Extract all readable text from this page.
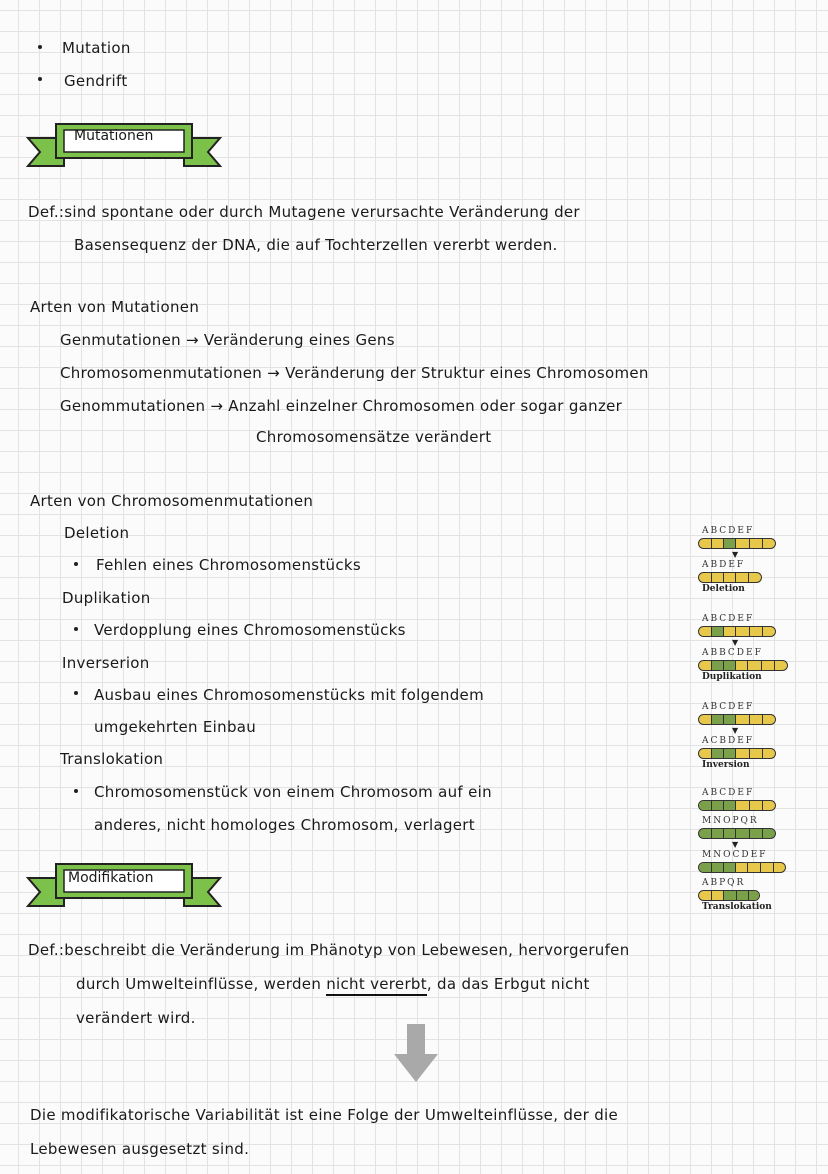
Mutation
Gendrift
Mutationen
Def.:sind spontane oder durch Mutagene verursachte Veränderung der
Basensequenz der DNA, die auf Tochterzellen vererbt werden.
Arten von Mutationen
Genmutationen → Veränderung eines Gens
Chromosomenmutationen → Veränderung der Struktur eines Chromosomen
Genommutationen → Anzahl einzelner Chromosomen oder sogar ganzer
Chromosomensätze verändert
Arten von Chromosomenmutationen
Deletion
Fehlen eines Chromosomenstücks
Duplikation
Verdopplung eines Chromosomenstücks
Inverserion
Ausbau eines Chromosomenstücks mit folgendem
umgekehrten Einbau
Translokation
Chromosomenstück von einem Chromosom auf ein
anderes, nicht homologes Chromosom, verlagert
ABCDEF
▼
ABDEF
Deletion
ABCDEF
▼
ABBCDEF
Duplikation
ABCDEF
▼
ACBDEF
Inversion
ABCDEF
MNOPQR
▼
MNOCDEF
ABPQR
Translokation
Modifikation
Def.:beschreibt die Veränderung im Phänotyp von Lebewesen, hervorgerufen
durch Umwelteinflüsse, werden nicht vererbt, da das Erbgut nicht
verändert wird.
Die modifikatorische Variabilität ist eine Folge der Umwelteinflüsse, der die
Lebewesen ausgesetzt sind.
